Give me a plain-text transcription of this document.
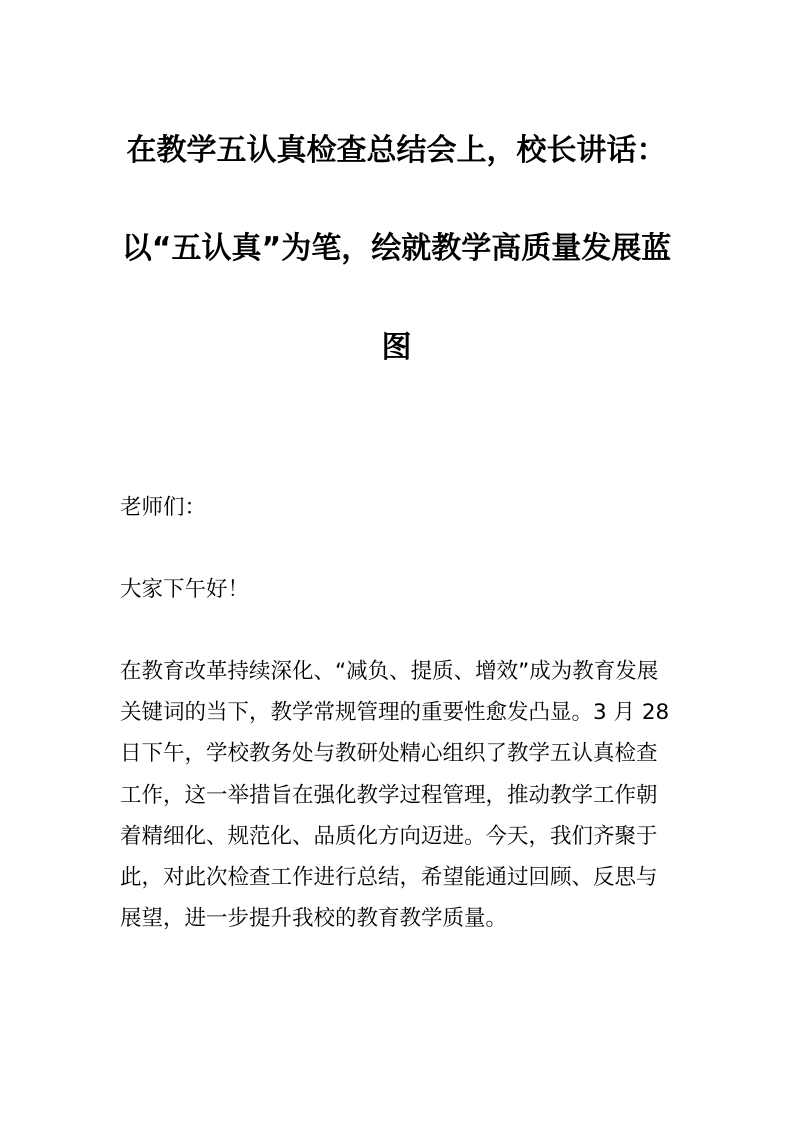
在教学五认真检查总结会上，校长讲话：
以“五认真”为笔，绘就教学高质量发展蓝
图
老师们：
大家下午好！
在教育改革持续深化、“减负、提质、增效”成为教育发展
关键词的当下，教学常规管理的重要性愈发凸显。3 月 28
日下午，学校教务处与教研处精心组织了教学五认真检查
工作，这一举措旨在强化教学过程管理，推动教学工作朝
着精细化、规范化、品质化方向迈进。今天，我们齐聚于
此，对此次检查工作进行总结，希望能通过回顾、反思与
展望，进一步提升我校的教育教学质量。
